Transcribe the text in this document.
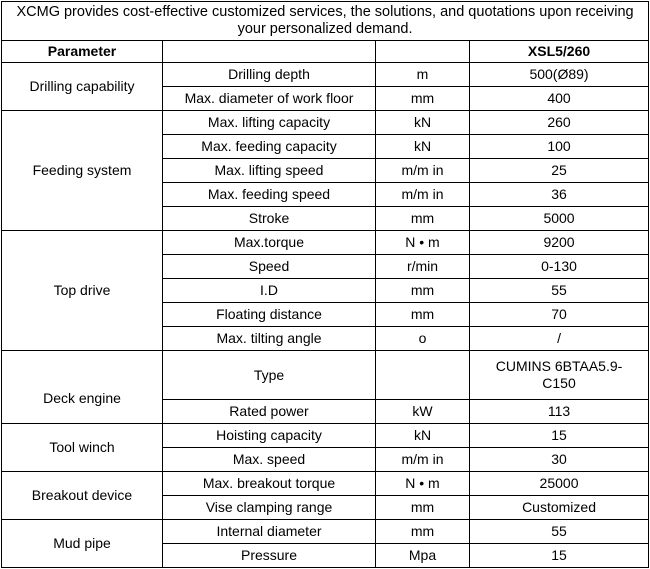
XCMG provides cost-effective customized services, the solutions, and quotations upon receiving your personalized demand.			
Parameter			XSL5/260
Drilling capability	Drilling depth	m	500(Ø89)
	Max. diameter of work floor	mm	400
Feeding system	Max. lifting capacity	kN	260
	Max. feeding capacity	kN	100
	Max. lifting speed	m/m in	25
	Max. feeding speed	m/m in	36
	Stroke	mm	5000
Top drive	Max.torque	N • m	9200
	Speed	r/min	0-130
	I.D	mm	55
	Floating distance	mm	70
	Max. tilting angle	o	/
Deck engine	Type		CUMINS 6BTAA5.9-C150
	Rated power	kW	113
Tool winch	Hoisting capacity	kN	15
	Max. speed	m/m in	30
Breakout device	Max. breakout torque	N • m	25000
	Vise clamping range	mm	Customized
Mud pipe	Internal diameter	mm	55
	Pressure	Mpa	15
